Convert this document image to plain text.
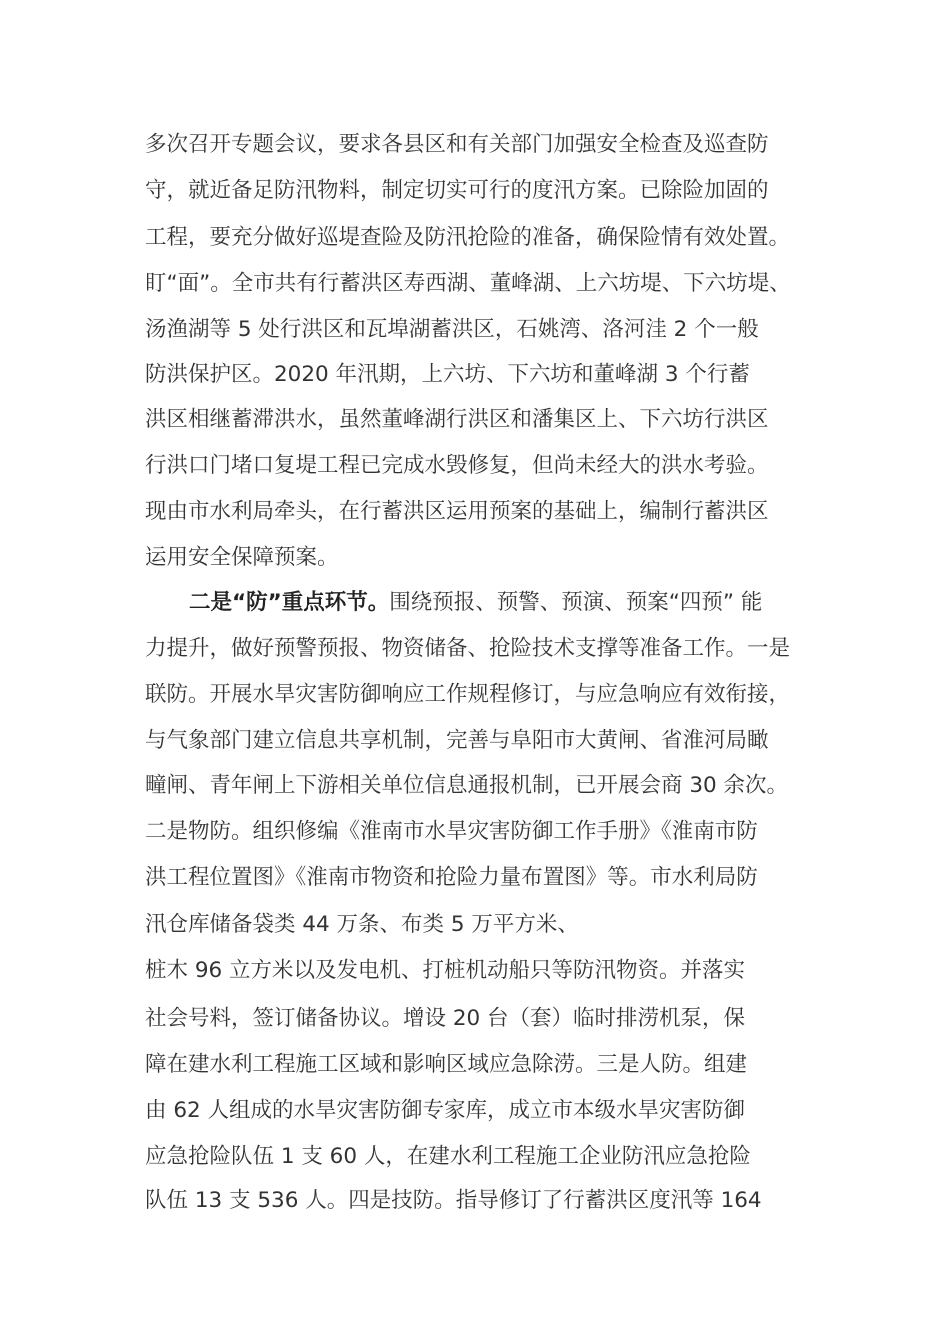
多次召开专题会议，要求各县区和有关部门加强安全检查及巡查防
守，就近备足防汛物料，制定切实可行的度汛方案。已除险加固的
工程，要充分做好巡堤查险及防汛抢险的准备，确保险情有效处置。
盯“面”。全市共有行蓄洪区寿西湖、董峰湖、上六坊堤、下六坊堤、
汤渔湖等 5 处行洪区和瓦埠湖蓄洪区，石姚湾、洛河洼 2 个一般
防洪保护区。2020 年汛期，上六坊、下六坊和董峰湖 3 个行蓄
洪区相继蓄滞洪水，虽然董峰湖行洪区和潘集区上、下六坊行洪区
行洪口门堵口复堤工程已完成水毁修复，但尚未经大的洪水考验。
现由市水利局牵头，在行蓄洪区运用预案的基础上，编制行蓄洪区
运用安全保障预案。
二是“防”重点环节。围绕预报、预警、预演、预案“四预” 能
力提升，做好预警预报、物资储备、抢险技术支撑等准备工作。一是
联防。开展水旱灾害防御响应工作规程修订，与应急响应有效衔接，
与气象部门建立信息共享机制，完善与阜阳市大黄闸、省淮河局瞰
疃闸、青年闸上下游相关单位信息通报机制，已开展会商 30 余次。
二是物防。组织修编《淮南市水旱灾害防御工作手册》《淮南市防
洪工程位置图》《淮南市物资和抢险力量布置图》等。市水利局防
汛仓库储备袋类 44 万条、布类 5 万平方米、
桩木 96 立方米以及发电机、打桩机动船只等防汛物资。并落实
社会号料，签订储备协议。增设 20 台（套）临时排涝机泵，保
障在建水利工程施工区域和影响区域应急除涝。三是人防。组建
由 62 人组成的水旱灾害防御专家库，成立市本级水旱灾害防御
应急抢险队伍 1 支 60 人，在建水利工程施工企业防汛应急抢险
队伍 13 支 536 人。四是技防。指导修订了行蓄洪区度汛等 164
